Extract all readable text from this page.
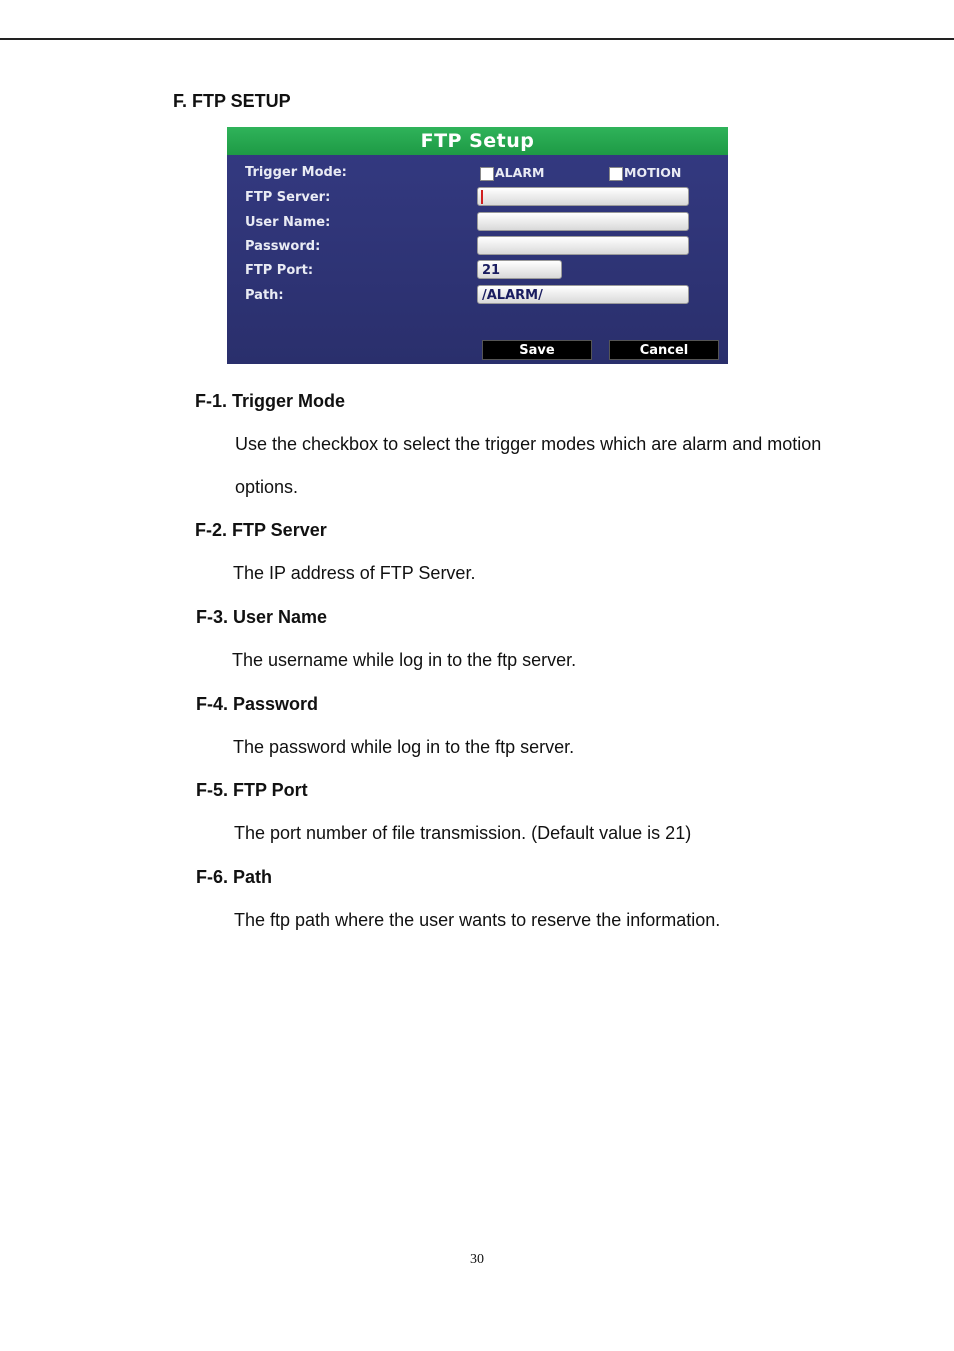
F. FTP SETUP
FTP Setup
Trigger Mode:	ALARM	MOTION
FTP Server:
User Name:
Password:
FTP Port:	21
Path:	/ALARM/
Save	Cancel
F-1. Trigger Mode
Use the checkbox to select the trigger modes which are alarm and motion
options.
F-2. FTP Server
The IP address of FTP Server.
F-3. User Name
The username while log in to the ftp server.
F-4. Password
The password while log in to the ftp server.
F-5. FTP Port
The port number of file transmission. (Default value is 21)
F-6. Path
The ftp path where the user wants to reserve the information.
30
